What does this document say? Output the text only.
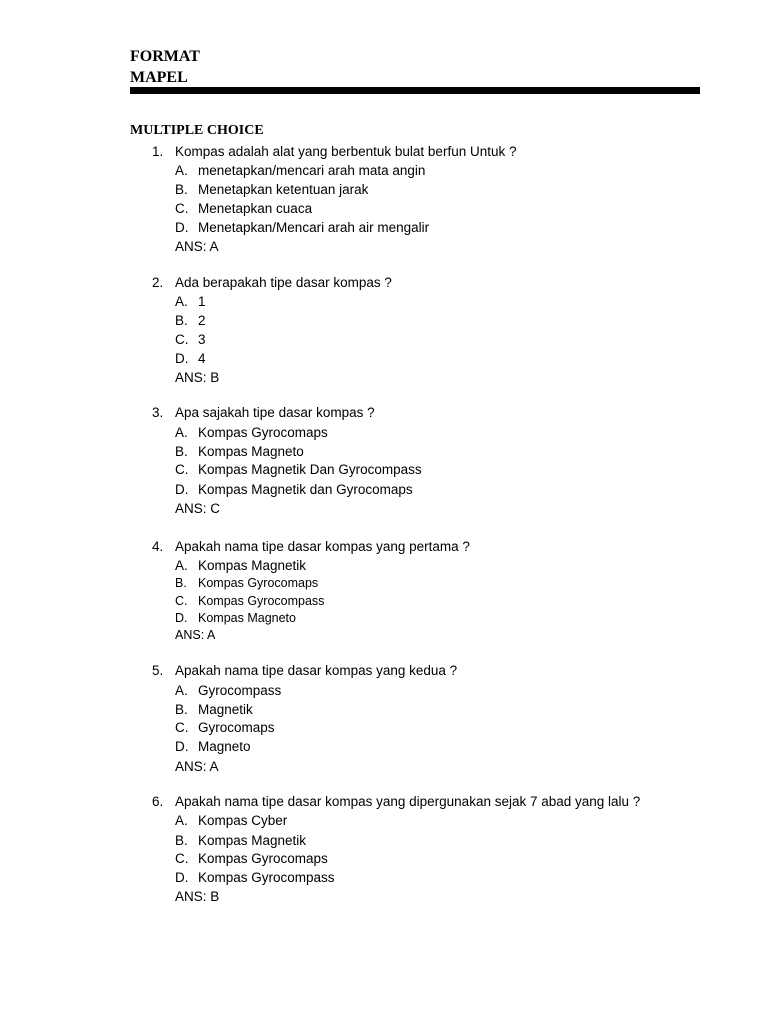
FORMAT
MAPEL
MULTIPLE CHOICE
1. Kompas adalah alat yang berbentuk bulat berfun Untuk ?
A. menetapkan/mencari arah mata angin
B. Menetapkan ketentuan jarak
C. Menetapkan cuaca
D. Menetapkan/Mencari arah air mengalir
ANS: A
2. Ada berapakah tipe dasar kompas ?
A. 1
B. 2
C. 3
D. 4
ANS: B
3. Apa sajakah tipe dasar kompas ?
A. Kompas Gyrocomaps
B. Kompas Magneto
C. Kompas Magnetik Dan Gyrocompass
D. Kompas Magnetik dan Gyrocomaps
ANS: C
4. Apakah nama tipe dasar kompas yang pertama ?
A. Kompas Magnetik
B. Kompas Gyrocomaps
C. Kompas Gyrocompass
D. Kompas Magneto
ANS: A
5. Apakah nama tipe dasar kompas yang kedua ?
A. Gyrocompass
B. Magnetik
C. Gyrocomaps
D. Magneto
ANS: A
6. Apakah nama tipe dasar kompas yang dipergunakan sejak 7 abad yang lalu ?
A. Kompas Cyber
B. Kompas Magnetik
C. Kompas Gyrocomaps
D. Kompas Gyrocompass
ANS: B
